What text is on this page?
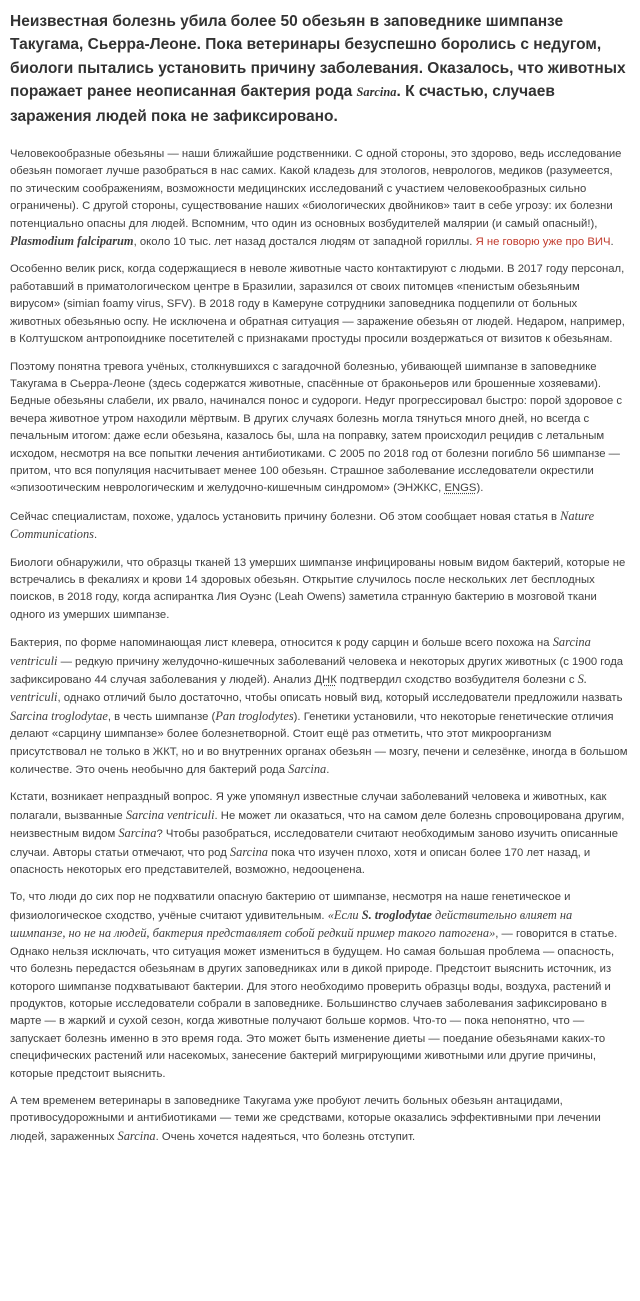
Неизвестная болезнь убила более 50 обезьян в заповеднике шимпанзе Такугама, Сьерра-Леоне. Пока ветеринары безуспешно боролись с недугом, биологи пытались установить причину заболевания. Оказалось, что животных поражает ранее неописанная бактерия рода Sarcina. К счастью, случаев заражения людей пока не зафиксировано.

Человекообразные обезьяны — наши ближайшие родственники. С одной стороны, это здорово, ведь исследование обезьян помогает лучше разобраться в нас самих. Какой кладезь для этологов, неврологов, медиков (разумеется, по этическим соображениям, возможности медицинских исследований с участием человекообразных сильно ограничены). С другой стороны, существование наших «биологических двойников» таит в себе угрозу: их болезни потенциально опасны для людей. Вспомним, что один из основных возбудителей малярии (и самый опасный!), Plasmodium falciparum, около 10 тыс. лет назад достался людям от западной гориллы. Я не говорю уже про ВИЧ.

Особенно велик риск, когда содержащиеся в неволе животные часто контактируют с людьми. В 2017 году персонал, работавший в приматологическом центре в Бразилии, заразился от своих питомцев «пенистым обезьяньим вирусом» (simian foamy virus, SFV). В 2018 году в Камеруне сотрудники заповедника подцепили от больных животных обезьянью оспу. Не исключена и обратная ситуация — заражение обезьян от людей. Недаром, например, в Колтушском антропоиднике посетителей с признаками простуды просили воздержаться от визитов к обезьянам.

Поэтому понятна тревога учёных, столкнувшихся с загадочной болезнью, убивающей шимпанзе в заповеднике Такугама в Сьерра-Леоне (здесь содержатся животные, спасённые от браконьеров или брошенные хозяевами). Бедные обезьяны слабели, их рвало, начинался понос и судороги. Недуг прогрессировал быстро: порой здоровое с вечера животное утром находили мёртвым. В других случаях болезнь могла тянуться много дней, но всегда с печальным итогом: даже если обезьяна, казалось бы, шла на поправку, затем происходил рецидив с летальным исходом, несмотря на все попытки лечения антибиотиками. С 2005 по 2018 год от болезни погибло 56 шимпанзе — притом, что вся популяция насчитывает менее 100 обезьян. Страшное заболевание исследователи окрестили «эпизоотическим неврологическим и желудочно-кишечным синдромом» (ЭНЖКС, ENGS).

Сейчас специалистам, похоже, удалось установить причину болезни. Об этом сообщает новая статья в Nature Communications.

Биологи обнаружили, что образцы тканей 13 умерших шимпанзе инфицированы новым видом бактерий, которые не встречались в фекалиях и крови 14 здоровых обезьян. Открытие случилось после нескольких лет бесплодных поисков, в 2018 году, когда аспирантка Лия Оуэнс (Leah Owens) заметила странную бактерию в мозговой ткани одного из умерших шимпанзе.

Бактерия, по форме напоминающая лист клевера, относится к роду сарцин и больше всего похожа на Sarcina ventriculi — редкую причину желудочно-кишечных заболеваний человека и некоторых других животных (с 1900 года зафиксировано 44 случая заболевания у людей). Анализ ДНК подтвердил сходство возбудителя болезни с S. ventriculi, однако отличий было достаточно, чтобы описать новый вид, который исследователи предложили назвать Sarcina troglodytae, в честь шимпанзе (Pan troglodytes). Генетики установили, что некоторые генетические отличия делают «сарцину шимпанзе» более болезнетворной. Стоит ещё раз отметить, что этот микроорганизм присутствовал не только в ЖКТ, но и во внутренних органах обезьян — мозгу, печени и селезёнке, иногда в большом количестве. Это очень необычно для бактерий рода Sarcina.

Кстати, возникает непраздный вопрос. Я уже упомянул известные случаи заболеваний человека и животных, как полагали, вызванные Sarcina ventriculi. Не может ли оказаться, что на самом деле болезнь спровоцирована другим, неизвестным видом Sarcina? Чтобы разобраться, исследователи считают необходимым заново изучить описанные случаи. Авторы статьи отмечают, что род Sarcina пока что изучен плохо, хотя и описан более 170 лет назад, и опасность некоторых его представителей, возможно, недооценена.

То, что люди до сих пор не подхватили опасную бактерию от шимпанзе, несмотря на наше генетическое и физиологическое сходство, учёные считают удивительным. «Если S. troglodytae действительно влияет на шимпанзе, но не на людей, бактерия представляет собой редкий пример такого патогена», — говорится в статье. Однако нельзя исключать, что ситуация может измениться в будущем. Но самая большая проблема — опасность, что болезнь передастся обезьянам в других заповедниках или в дикой природе. Предстоит выяснить источник, из которого шимпанзе подхватывают бактерии. Для этого необходимо проверить образцы воды, воздуха, растений и продуктов, которые исследователи собрали в заповеднике. Большинство случаев заболевания зафиксировано в марте — в жаркий и сухой сезон, когда животные получают больше кормов. Что-то — пока непонятно, что — запускает болезнь именно в это время года. Это может быть изменение диеты — поедание обезьянами каких-то специфических растений или насекомых, занесение бактерий мигрирующими животными или другие причины, которые предстоит выяснить.

А тем временем ветеринары в заповеднике Такугама уже пробуют лечить больных обезьян антацидами, противосудорожными и антибиотиками — теми же средствами, которые оказались эффективными при лечении людей, зараженных Sarcina. Очень хочется надеяться, что болезнь отступит.
